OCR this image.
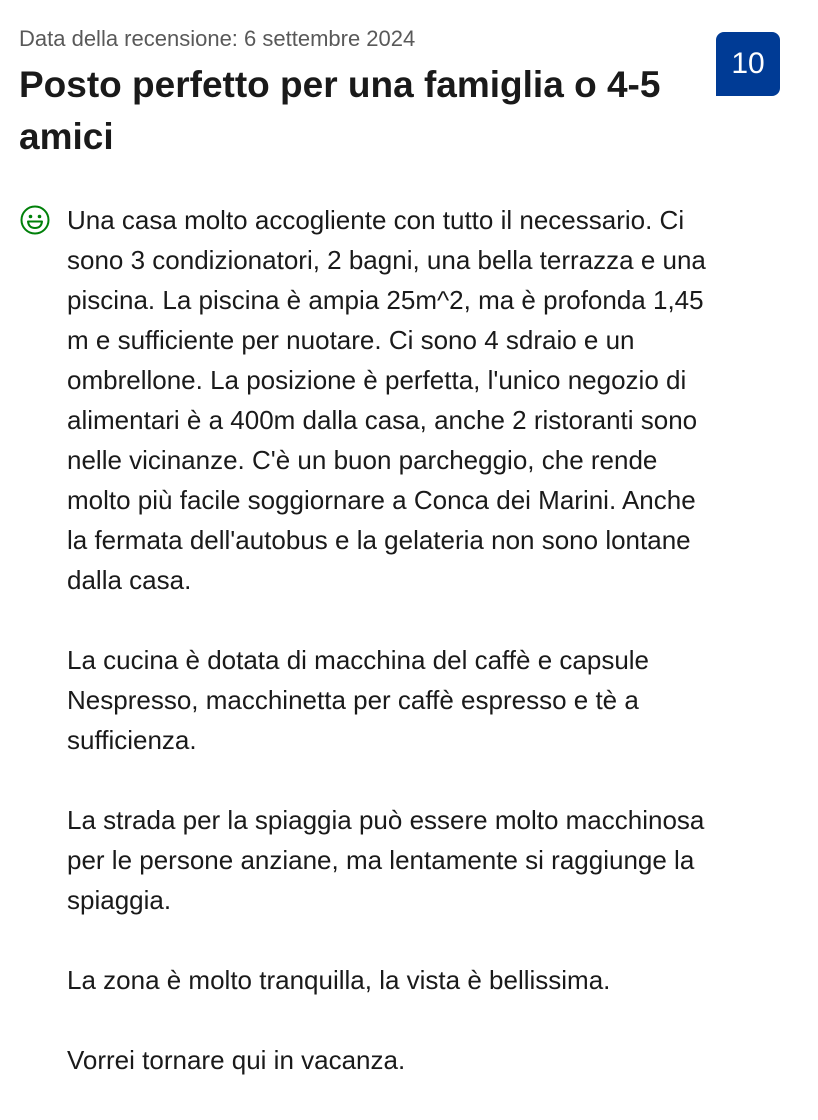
Data della recensione: 6 settembre 2024
Posto perfetto per una famiglia o 4-5 amici
10

Una casa molto accogliente con tutto il necessario. Ci
sono 3 condizionatori, 2 bagni, una bella terrazza e una
piscina. La piscina è ampia 25m^2, ma è profonda 1,45
m e sufficiente per nuotare. Ci sono 4 sdraio e un
ombrellone. La posizione è perfetta, l'unico negozio di
alimentari è a 400m dalla casa, anche 2 ristoranti sono
nelle vicinanze. C'è un buon parcheggio, che rende
molto più facile soggiornare a Conca dei Marini. Anche
la fermata dell'autobus e la gelateria non sono lontane
dalla casa.

La cucina è dotata di macchina del caffè e capsule
Nespresso, macchinetta per caffè espresso e tè a
sufficienza.

La strada per la spiaggia può essere molto macchinosa
per le persone anziane, ma lentamente si raggiunge la
spiaggia.

La zona è molto tranquilla, la vista è bellissima.

Vorrei tornare qui in vacanza.
